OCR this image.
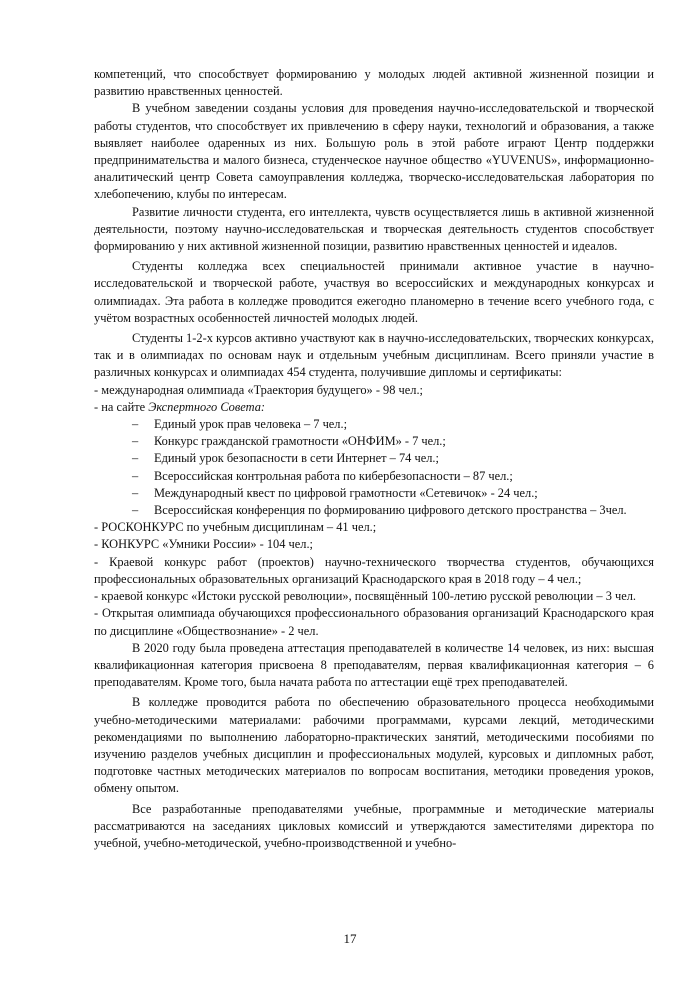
компетенций, что способствует формированию у молодых людей активной жизненной позиции и развитию нравственных ценностей.

В учебном заведении созданы условия для проведения научно-исследовательской и творческой работы студентов, что способствует их привлечению в сферу науки, технологий и образования, а также выявляет наиболее одаренных из них. Большую роль в этой работе играют Центр поддержки предпринимательства и малого бизнеса, студенческое научное общество «YUVENUS», информационно-аналитический центр Совета самоуправления колледжа, творческо-исследовательская лаборатория по хлебопечению, клубы по интересам.

Развитие личности студента, его интеллекта, чувств осуществляется лишь в активной жизненной деятельности, поэтому научно-исследовательская и творческая деятельность студентов способствует формированию у них активной жизненной позиции, развитию нравственных ценностей и идеалов.

Студенты колледжа всех специальностей принимали активное участие в научно-исследовательской и творческой работе, участвуя во всероссийских и международных конкурсах и олимпиадах. Эта работа в колледже проводится ежегодно планомерно в течение всего учебного года, с учётом возрастных особенностей личностей молодых людей.

Студенты 1-2-х курсов активно участвуют как в научно-исследовательских, творческих конкурсах, так и в олимпиадах по основам наук и отдельным учебным дисциплинам. Всего приняли участие в различных конкурсах и олимпиадах 454 студента, получившие дипломы и сертификаты:

- международная олимпиада «Траектория будущего» - 98 чел.;

- на сайте Экспертного Совета:

– Единый урок прав человека – 7 чел.;
– Конкурс гражданской грамотности «ОНФИМ» - 7 чел.;
– Единый урок безопасности в сети Интернет – 74 чел.;
– Всероссийская контрольная работа по кибербезопасности – 87 чел.;
– Международный квест по цифровой грамотности «Сетевичок» - 24 чел.;
– Всероссийская конференция по формированию цифрового детского пространства – 3чел.

- РОСКОНКУРС по учебным дисциплинам – 41 чел.;

- КОНКУРС «Умники России» - 104 чел.;

- Краевой конкурс работ (проектов) научно-технического творчества студентов, обучающихся профессиональных образовательных организаций Краснодарского края в 2018 году – 4 чел.;

- краевой конкурс «Истоки русской революции», посвящённый 100-летию русской революции – 3 чел.

- Открытая олимпиада обучающихся профессионального образования организаций Краснодарского края по дисциплине «Обществознание» - 2 чел.

В 2020 году была проведена аттестация преподавателей в количестве 14 человек, из них: высшая квалификационная категория присвоена 8 преподавателям, первая квалификационная категория – 6 преподавателям. Кроме того, была начата работа по аттестации ещё трех преподавателей.

В колледже проводится работа по обеспечению образовательного процесса необходимыми учебно-методическими материалами: рабочими программами, курсами лекций, методическими рекомендациями по выполнению лабораторно-практических занятий, методическими пособиями по изучению разделов учебных дисциплин и профессиональных модулей, курсовых и дипломных работ, подготовке частных методических материалов по вопросам воспитания, методики проведения уроков, обмену опытом.

Все разработанные преподавателями учебные, программные и методические материалы рассматриваются на заседаниях цикловых комиссий и утверждаются заместителями директора по учебной, учебно-методической, учебно-производственной и учебно-

17
